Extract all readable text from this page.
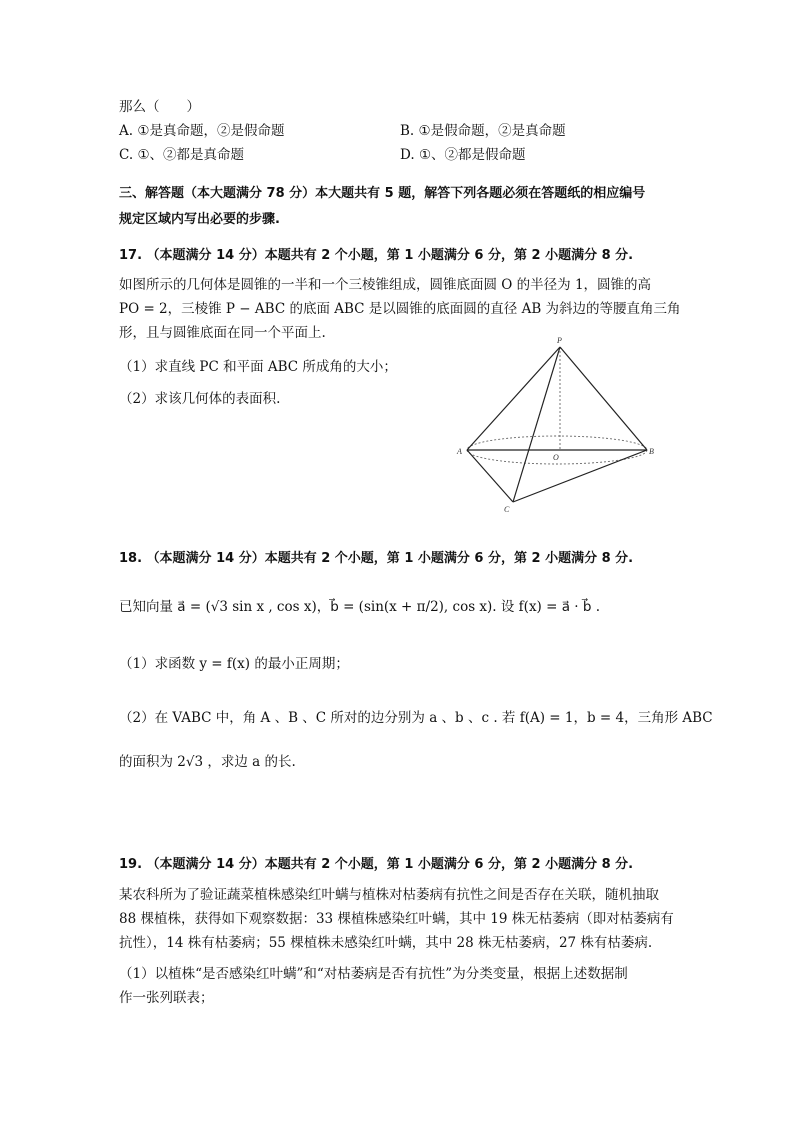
那么（　　）
A. ①是真命题，②是假命题	B. ①是假命题，②是真命题
C. ①、②都是真命题	D. ①、②都是假命题
三、解答题（本大题满分 78 分）本大题共有 5 题，解答下列各题必须在答题纸的相应编号
规定区域内写出必要的步骤.
17. （本题满分 14 分）本题共有 2 个小题，第 1 小题满分 6 分，第 2 小题满分 8 分.
如图所示的几何体是圆锥的一半和一个三棱锥组成，圆锥底面圆 O 的半径为 1，圆锥的高
PO = 2，三棱锥 P − ABC 的底面 ABC 是以圆锥的底面圆的直径 AB 为斜边的等腰直角三角
形，且与圆锥底面在同一个平面上.
（1）求直线 PC 和平面 ABC 所成角的大小；
（2）求该几何体的表面积.
P
A
O
B
C
18. （本题满分 14 分）本题共有 2 个小题，第 1 小题满分 6 分，第 2 小题满分 8 分.
已知向量 a⃗ = (√3 sin x , cos x)，b⃗ = (sin(x + π/2), cos x). 设 f(x) = a⃗ · b⃗ .
（1）求函数 y = f(x) 的最小正周期；
（2）在 VABC 中，角 A 、B 、C 所对的边分别为 a 、b 、c . 若 f(A) = 1，b = 4，三角形 ABC
的面积为 2√3 ，求边 a 的长.
19. （本题满分 14 分）本题共有 2 个小题，第 1 小题满分 6 分，第 2 小题满分 8 分.
某农科所为了验证蔬菜植株感染红叶螨与植株对枯萎病有抗性之间是否存在关联，随机抽取
88 棵植株，获得如下观察数据：33 棵植株感染红叶螨，其中 19 株无枯萎病（即对枯萎病有
抗性），14 株有枯萎病；55 棵植株未感染红叶螨，其中 28 株无枯萎病，27 株有枯萎病.
（1）以植株“是否感染红叶螨”和“对枯萎病是否有抗性”为分类变量，根据上述数据制
作一张列联表；
